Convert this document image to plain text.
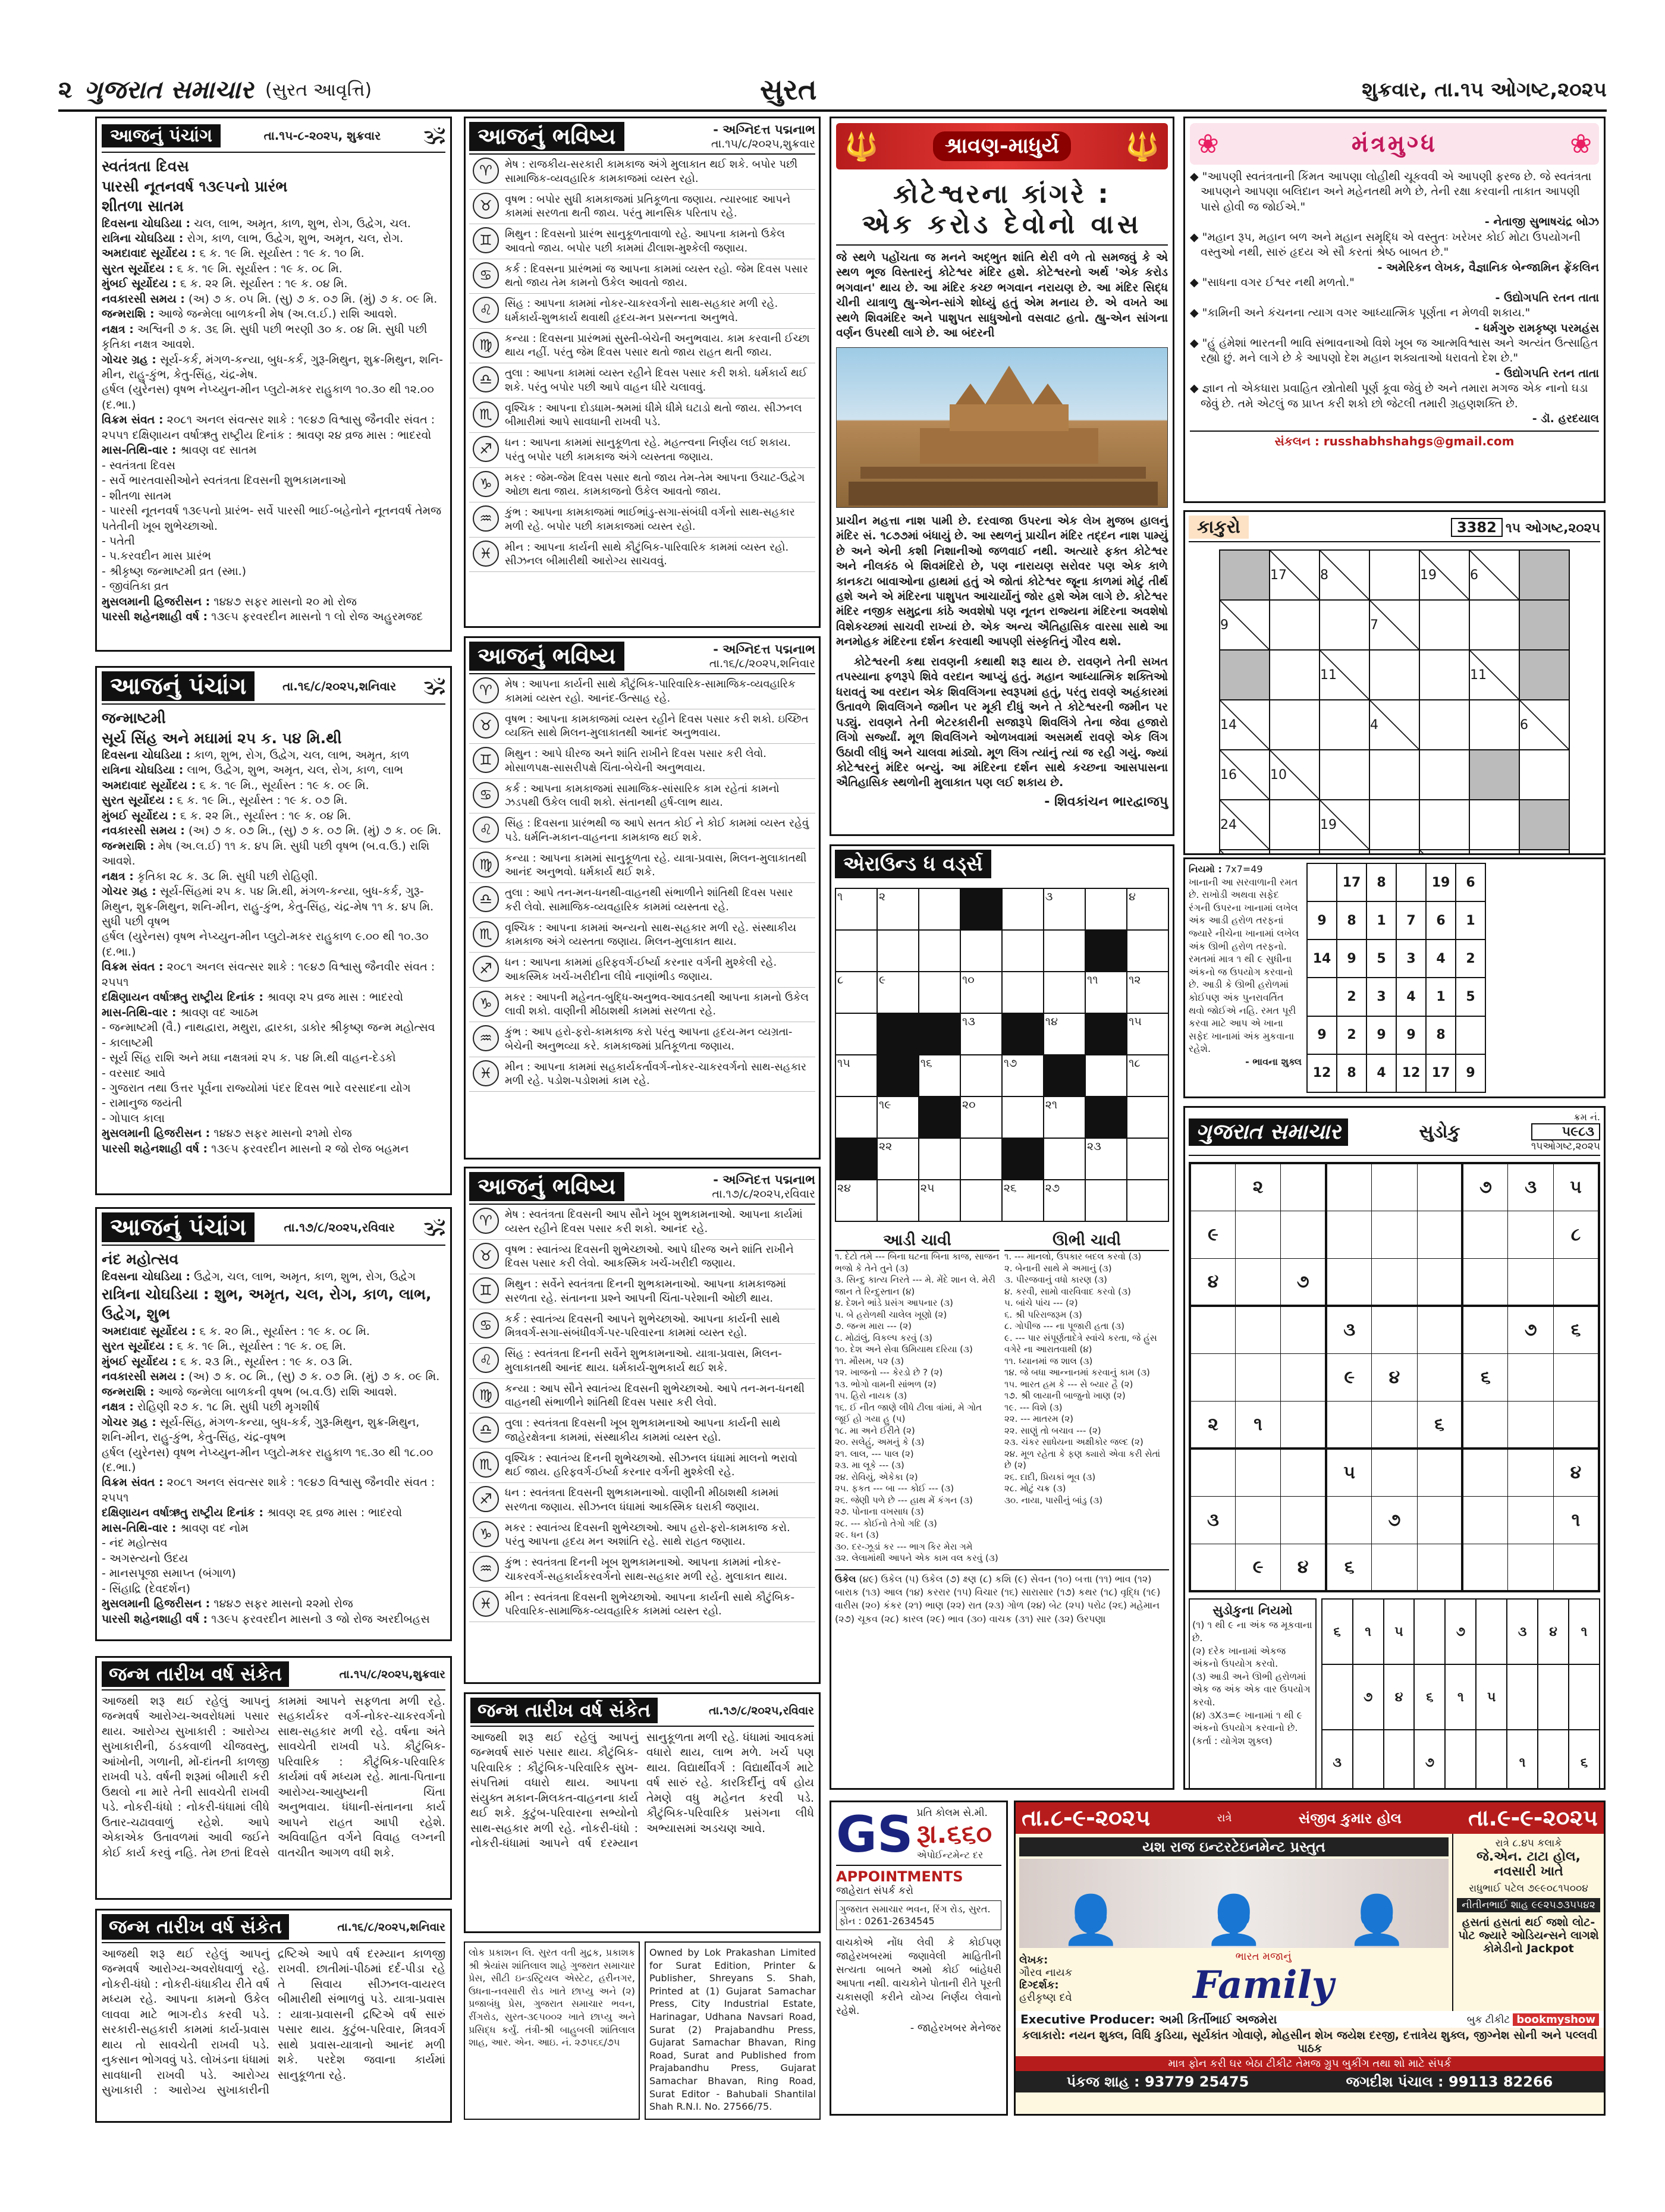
૨ ગુજરાત સમાચાર (સુરત આવૃત્તિ)	સુરત	શુક્રવાર, તા.૧૫ ઓગષ્ટ,૨૦૨૫
આજનું પંચાંગ	તા.૧૫-૮-૨૦૨૫, શુક્રવાર 🕉
સ્વતંત્રતા દિવસ
પારસી નૂતનવર્ષ ૧૩૯૫નો પ્રારંભ
શીતળા સાતમ
દિવસના ચોઘડિયા : ચલ, લાભ, અમૃત, કાળ, શુભ, રોગ, ઉદ્વેગ, ચલ.
રાત્રિના ચોઘડિયા : રોગ, કાળ, લાભ, ઉદ્વેગ, શુભ, અમૃત, ચલ, રોગ.
અમદાવાદ સૂર્યોદય : ૬ ક. ૧૯ મિ. સૂર્યાસ્ત : ૧૯ ક. ૧૦ મિ.
સુરત સૂર્યોદય : ૬ ક. ૧૯ મિ. સૂર્યાસ્ત : ૧૯ ક. ૦૮ મિ.
મુંબઈ સૂર્યોદય : ૬ ક. ૨૨ મિ. સૂર્યાસ્ત : ૧૯ ક. ૦૪ મિ.
નવકારસી સમય : (અ) ૭ ક. ૦૫ મિ. (સુ) ૭ ક. ૦૭ મિ. (મું) ૭ ક. ૦૯ મિ.
જન્મરાશિ : આજે જન્મેલા બાળકની મેષ (અ.લ.ઈ.) રાશિ આવશે.
નક્ષત્ર : અશ્વિની ૭ ક. ૩૬ મિ. સુધી પછી ભરણી ૩૦ ક. ૦૪ મિ. સુધી પછી કૃતિકા નક્ષત્ર આવશે.
ગોચર ગ્રહ : સૂર્ય-કર્ક, મંગળ-કન્યા, બુધ-કર્ક, ગુરૂ-મિથુન, શુક્ર-મિથુન, શનિ-મીન, રાહુ-કુંભ, કેતુ-સિંહ, ચંદ્ર-મેષ.
હર્ષલ (યુરેનસ) વૃષભ નેપ્ચ્યુન-મીન પ્લુટો-મકર રાહુકાળ ૧૦.૩૦ થી ૧૨.૦૦ (દ.ભા.)
વિક્રમ સંવત : ૨૦૮૧ અનલ સંવત્સર શાકે : ૧૯૪૭ વિશ્વાસુ જૈનવીર સંવત : ૨૫૫૧ દક્ષિણાયન વર્ષાઋતુ રાષ્ટ્રીય દિનાંક : શ્રાવણ ૨૪ વ્રજ માસ : ભાદરવો
માસ-તિથિ-વાર : શ્રાવણ વદ સાતમ
- સ્વતંત્રતા દિવસ
- સર્વે ભારતવાસીઓને સ્વતંત્રતા દિવસની શુભકામનાઓ
- શીતળા સાતમ
- પારસી નૂતનવર્ષ ૧૩૯૫નો પ્રારંભ- સર્વે પારસી ભાઈ-બહેનોને નૂતનવર્ષ તેમજ પતેતીની ખૂબ શુભેચ્છાઓ.
- પતેતી
- પ.કરવદીન માસ પ્રારંભ
- શ્રીકૃષ્ણ જન્માષ્ટમી વ્રત (સ્મા.)
- જીવંતિકા વ્રત
મુસલમાની હિજરીસન : ૧૪૪૭ સફર માસનો ૨૦ મો રોજ
પારસી શહેનશાહી વર્ષ : ૧૩૯૫ ફરવરદીન માસનો ૧ લો રોજ અહુરમજદ
આજનું પંચાંગ	તા.૧૬/૮/૨૦૨૫,શનિવાર 🕉
જન્માષ્ટમી
સૂર્ય સિંહ અને મઘામાં ૨૫ ક. ૫૪ મિ.થી
દિવસના ચોઘડિયા : કાળ, શુભ, રોગ, ઉદ્વેગ, ચલ, લાભ, અમૃત, કાળ
રાત્રિના ચોઘડિયા : લાભ, ઉદ્વેગ, શુભ, અમૃત, ચલ, રોગ, કાળ, લાભ
અમદાવાદ સૂર્યોદય : ૬ ક. ૧૯ મિ., સૂર્યાસ્ત : ૧૯ ક. ૦૯ મિ.
સુરત સૂર્યોદય : ૬ ક. ૧૯ મિ., સૂર્યાસ્ત : ૧૯ ક. ૦૭ મિ.
મુંબઈ સૂર્યોદય : ૬ ક. ૨૨ મિ., સૂર્યાસ્ત : ૧૯ ક. ૦૪ મિ.
નવકારસી સમય : (અ) ૭ ક. ૦૭ મિ., (સુ) ૭ ક. ૦૭ મિ. (મું) ૭ ક. ૦૯ મિ.
જન્મરાશિ : મેષ (અ.લ.ઈ) ૧૧ ક. ૪૫ મિ. સુધી પછી વૃષભ (બ.વ.ઉ.) રાશિ આવશે.
નક્ષત્ર : કૃતિકા ૨૮ ક. ૩૮ મિ. સુધી પછી રોહિણી.
ગોચર ગ્રહ : સૂર્ય-સિંહમાં ૨૫ ક. ૫૪ મિ.થી, મંગળ-કન્યા, બુધ-કર્ક, ગુરૂ-મિથુન, શુક્ર-મિથુન, શનિ-મીન, રાહુ-કુંભ, કેતુ-સિંહ, ચંદ્ર-મેષ ૧૧ ક. ૪૫ મિ. સુધી પછી વૃષભ
હર્ષલ (યુરેનસ) વૃષભ નેપ્ચ્યુન-મીન પ્લુટો-મકર રાહુકાળ ૯.૦૦ થી ૧૦.૩૦ (દ.ભા.)
વિક્રમ સંવત : ૨૦૮૧ અનલ સંવત્સર શાકે : ૧૯૪૭ વિશ્વાસુ જૈનવીર સંવત : ૨૫૫૧
દક્ષિણાયન વર્ષાઋતુ રાષ્ટ્રીય દિનાંક : શ્રાવણ ૨૫ વ્રજ માસ : ભાદરવો
માસ-તિથિ-વાર : શ્રાવણ વદ આઠમ
- જન્માષ્ટમી (વૈ.) નાથદ્વારા, મથુરા, દ્વારકા, ડાકોર શ્રીકૃષ્ણ જન્મ મહોત્સવ
- કાલાષ્ટમી
- સૂર્ય સિંહ રાશિ અને મઘા નક્ષત્રમાં ૨૫ ક. ૫૪ મિ.થી વાહન-દેડકો
- વરસાદ આવે
- ગુજરાત તથા ઉત્તર પૂર્વના રાજ્યોમાં પંદર દિવસ ભારે વરસાદના યોગ
- રામાનુજ જયંતી
- ગોપાલ કાલા
મુસલમાની હિજરીસન : ૧૪૪૭ સફર માસનો ૨૧મો રોજ
પારસી શહેનશાહી વર્ષ : ૧૩૯૫ ફરવરદીન માસનો ૨ જો રોજ બહમન
આજનું પંચાંગ	તા.૧૭/૮/૨૦૨૫,રવિવાર 🕉
નંદ મહોત્સવ
દિવસના ચોઘડિયા : ઉદ્વેગ, ચલ, લાભ, અમૃત, કાળ, શુભ, રોગ, ઉદ્વેગ
રાત્રિના ચોઘડિયા : શુભ, અમૃત, ચલ, રોગ, કાળ, લાભ, ઉદ્વેગ, શુભ
અમદાવાદ સૂર્યોદય : ૬ ક. ૨૦ મિ., સૂર્યાસ્ત : ૧૯ ક. ૦૮ મિ.
સુરત સૂર્યોદય : ૬ ક. ૧૯ મિ., સૂર્યાસ્ત : ૧૯ ક. ૦૬ મિ.
મુંબઈ સૂર્યોદય : ૬ ક. ૨૩ મિ., સૂર્યાસ્ત : ૧૯ ક. ૦૩ મિ.
નવકારસી સમય : (અ) ૭ ક. ૦૮ મિ., (સુ) ૭ ક. ૦૭ મિ. (મું) ૭ ક. ૦૯ મિ.
જન્મરાશિ : આજે જન્મેલા બાળકની વૃષભ (બ.વ.ઉ) રાશિ આવશે.
નક્ષત્ર : રોહિણી ૨૭ ક. ૧૮ મિ. સુધી પછી મૃગશીર્ષ
ગોચર ગ્રહ : સૂર્ય-સિંહ, મંગળ-કન્યા, બુધ-કર્ક, ગુરૂ-મિથુન, શુક્ર-મિથુન, શનિ-મીન, રાહુ-કુંભ, કેતુ-સિંહ, ચંદ્ર-વૃષભ
હર્ષલ (યુરેનસ) વૃષભ નેપ્ચ્યુન-મીન પ્લુટો-મકર રાહુકાળ ૧૬.૩૦ થી ૧૮.૦૦ (દ.ભા.)
વિક્રમ સંવત : ૨૦૮૧ અનલ સંવત્સર શાકે : ૧૯૪૭ વિશ્વાસુ જૈનવીર સંવત : ૨૫૫૧
દક્ષિણાયન વર્ષાઋતુ રાષ્ટ્રીય દિનાંક : શ્રાવણ ૨૬ વ્રજ માસ : ભાદરવો
માસ-તિથિ-વાર : શ્રાવણ વદ નોમ
- નંદ મહોત્સવ
- અગસ્ત્યનો ઉદય
- માનસપૂજા સમાપ્ત (બંગાળ)
- સિંહાદ્રિ (દેવદર્શન)
મુસલમાની હિજરીસન : ૧૪૪૭ સફર માસનો ૨૨મો રોજ
પારસી શહેનશાહી વર્ષ : ૧૩૯૫ ફરવરદીન માસનો ૩ જો રોજ અરદીબહસ
જન્મ તારીખ વર્ષ સંકેત	તા.૧૫/૮/૨૦૨૫,શુક્રવાર
આજથી શરૂ થઈ રહેલું આપનું જન્મવર્ષ આરોગ્ય-અવરોધમાં પસાર થાય. આરોગ્ય સુખાકારી : આરોગ્ય સુખાકારીની, ઠંડકવાળી ચીજવસ્તુ, આંખોની, ગળાની, મોં-દાંતની કાળજી રાખવી પડે. વર્ષની શરૂમાં બીમારી કરી ઉથલો ના મારે તેની સાવચેતી રાખવી પડે. નોકરી-ધંધો : નોકરી-ધંધામાં લીધે ઉતાર-ચઢાવવાળું રહેશે. આપે એકાએક ઉતાવળમાં આવી જઈને કોઈ કાર્ય કરવું નહિ. તેમ છતાં દિવસે કામમાં આપને સફળતા મળી રહે. સહકાર્યકર વર્ગ-નોકર-ચાકરવર્ગનો સાથ-સહકાર મળી રહે. વર્ષના અંતે સાવચેતી રાખવી પડે. કૌટુંબિક-પરિવારિક : કૌટુંબિક-પરિવારિક કાર્યમાં વર્ષ મધ્યમ રહે. માતા-પિતાના આરોગ્ય-આયુષ્યની ચિંતા અનુભવાય. ધંધાની-સંતાનના કાર્ય આપને રાહત આપી રહેશે. અવિવાહિત વર્ગને વિવાહ લગ્નની વાતચીત આગળ વધી શકે.
જન્મ તારીખ વર્ષ સંકેત	તા.૧૬/૮/૨૦૨૫,શનિવાર
આજથી શરૂ થઈ રહેલું આપનું જન્મવર્ષ આરોગ્ય-અવરોધવાળું રહે. નોકરી-ધંધો : નોકરી-ધંધાકીય રીતે વર્ષ મધ્યમ રહે. આપના કામનો ઉકેલ લાવવા માટે ભાગ-દોડ કરવી પડે. સરકારી-સહકારી કામમાં કાર્ય-પ્રવાસ થાય તો સાવચેતી રાખવી પડે. નુકસાન ભોગવવું પડે. લોખંડના ધંધામાં સાવધાની રાખવી પડે. આરોગ્ય સુખાકારી : આરોગ્ય સુખાકારીની દ્રષ્ટિએ આપે વર્ષ દરમ્યાન કાળજી રાખવી. છાતીમાં-પીઠમાં દર્દ-પીડા રહે તે સિવાય સીઝનલ-વાયરલ બીમારીથી સંભાળવું પડે. યાત્રા-પ્રવાસ : યાત્રા-પ્રવાસની દ્રષ્ટિએ વર્ષ સારું પસાર થાય. કુટુંબ-પરિવાર, મિત્રવર્ગ સાથે પ્રવાસ-યાત્રાનો આનંદ મળી શકે. પરદેશ જવાના કાર્યમાં સાનુકૂળતા રહે.
આજનું ભવિષ્ય	- અગ્નિદત્ત પદ્મનાભ
તા.૧૫/૮/૨૦૨૫,શુક્રવાર
♈	મેષ : રાજકીય-સરકારી કામકાજ અંગે મુલાકાત થઈ શકે. બપોર પછી સામાજિક-વ્યવહારિક કામકાજમાં વ્યસ્ત રહો.
♉	વૃષભ : બપોર સુધી કામકાજમાં પ્રતિકૂળતા જણાય. ત્યારબાદ આપને કામમાં સરળતા થતી જાય. પરંતુ માનસિક પરિતાપ રહે.
♊	મિથુન : દિવસનો પ્રારંભ સાનુકૂળતાવાળો રહે. આપના કામનો ઉકેલ આવતો જાય. બપોર પછી કામમાં ઢીલાશ-મુશ્કેલી જણાય.
♋	કર્ક : દિવસના પ્રારંભમાં જ આપના કામમાં વ્યસ્ત રહો. જેમ દિવસ પસાર થતો જાય તેમ કામનો ઉકેલ આવતો જાય.
♌	સિંહ : આપના કામમાં નોકર-ચાકરવર્ગનો સાથ-સહકાર મળી રહે. ધર્મકાર્ય-શુભકાર્ય થવાથી હૃદય-મન પ્રસન્નતા અનુભવે.
♍	કન્યા : દિવસના પ્રારંભમાં સુસ્તી-બેચેની અનુભવાય. કામ કરવાની ઈચ્છા થાય નહીં. પરંતુ જેમ દિવસ પસાર થતો જાય રાહત થતી જાય.
♎	તુલા : આપના કામમાં વ્યસ્ત રહીને દિવસ પસાર કરી શકો. ધર્મકાર્ય થઈ શકે. પરંતુ બપોર પછી આપે વાહન ધીરે ચલાવવું.
♏	વૃશ્ચિક : આપના દોડધામ-શ્રમમાં ધીમે ધીમે ઘટાડો થતો જાય. સીઝનલ બીમારીમાં આપે સાવધાની રાખવી પડે.
♐	ધન : આપના કામમાં સાનુકૂળતા રહે. મહત્ત્વના નિર્ણય લઈ શકાય. પરંતુ બપોર પછી કામકાજ અંગે વ્યસ્તતા જણાય.
♑	મકર : જેમ-જેમ દિવસ પસાર થતો જાય તેમ-તેમ આપના ઉચાટ-ઉદ્વેગ ઓછા થતા જાય. કામકાજનો ઉકેલ આવતો જાય.
♒	કુંભ : આપના કામકાજમાં ભાઈભાંડુ-સગા-સંબંધી વર્ગનો સાથ-સહકાર મળી રહે. બપોર પછી કામકાજમાં વ્યસ્ત રહો.
♓	મીન : આપના કાર્યની સાથે કૌટુંબિક-પારિવારિક કામમાં વ્યસ્ત રહો. સીઝનલ બીમારીથી આરોગ્ય સાચવવું.
આજનું ભવિષ્ય	- અગ્નિદત્ત પદ્મનાભ
તા.૧૬/૮/૨૦૨૫,શનિવાર
♈	મેષ : આપના કાર્યની સાથે કૌટુંબિક-પારિવારિક-સામાજિક-વ્યવહારિક કામમાં વ્યસ્ત રહો. આનંદ-ઉત્સાહ રહે.
♉	વૃષભ : આપના કામકાજમાં વ્યસ્ત રહીને દિવસ પસાર કરી શકો. ઇચ્છિત વ્યક્તિ સાથે મિલન-મુલાકાતથી આનંદ અનુભવાય.
♊	મિથુન : આપે ધીરજ અને શાંતિ રાખીને દિવસ પસાર કરી લેવો. મોસાળપક્ષ-સાસરીપક્ષે ચિંતા-બેચેની અનુભવાય.
♋	કર્ક : આપના કામકાજમાં સામાજિક-સાંસારિક કામ રહેતાં કામનો ઝડપથી ઉકેલ લાવી શકો. સંતાનથી હર્ષ-લાભ થાય.
♌	સિંહ : દિવસના પ્રારંભથી જ આપે સતત કોઈ ને કોઈ કામમાં વ્યસ્ત રહેવું પડે. ધર્મનિ-મકાન-વાહનના કામકાજ થઈ શકે.
♍	કન્યા : આપના કામમાં સાનુકૂળતા રહે. યાત્રા-પ્રવાસ, મિલન-મુલાકાતથી આનંદ અનુભવો. ધર્મકાર્ય થઈ શકે.
♎	તુલા : આપે તન-મન-ધનથી-વાહનથી સંભાળીને શાંતિથી દિવસ પસાર કરી લેવો. સામાજિક-વ્યવહારિક કામમાં વ્યસ્તતા રહે.
♏	વૃશ્ચિક : આપના કામમાં અન્યનો સાથ-સહકાર મળી રહે. સંસ્થાકીય કામકાજ અંગે વ્યસ્તતા જણાય. મિલન-મુલાકાત થાય.
♐	ધન : આપના કામમાં હરિફવર્ગ-ઈર્ષ્યા કરનાર વર્ગની મુશ્કેલી રહે. આકસ્મિક ખર્ચ-ખરીદીના લીધે નાણાંભીડ જણાય.
♑	મકર : આપની મહેનત-બુદ્ધિ-અનુભવ-આવડતથી આપના કામનો ઉકેલ લાવી શકો. વાણીની મીઠાશથી કામમાં સરળતા રહે.
♒	કુંભ : આપ હરો-ફરો-કામકાજ કરો પરંતુ આપના હૃદય-મન વ્યગ્રતા-બેચેની અનુભવ્યા કરે. કામકાજમાં પ્રતિકૂળતા જણાય.
♓	મીન : આપના કામમાં સહકાર્યકર્તાવર્ગ-નોકર-ચાકરવર્ગનો સાથ-સહકાર મળી રહે. પડોશ-પડોશમાં કામ રહે.
આજનું ભવિષ્ય	- અગ્નિદત્ત પદ્મનાભ
તા.૧૭/૮/૨૦૨૫,રવિવાર
♈	મેષ : સ્વતંત્રતા દિવસની આપ સૌને ખૂબ શુભકામનાઓ. આપના કાર્યમાં વ્યસ્ત રહીને દિવસ પસાર કરી શકો. આનંદ રહે.
♉	વૃષભ : સ્વાતંત્ર્ય દિવસની શુભેચ્છાઓ. આપે ધીરજ અને શાંતિ રાખીને દિવસ પસાર કરી લેવો. આકસ્મિક ખર્ચ-ખરીદી જણાય.
♊	મિથુન : સર્વેને સ્વતંત્રતા દિનની શુભકામનાઓ. આપના કામકાજમાં સરળતા રહે. સંતાનના પ્રશ્ને આપની ચિંતા-પરેશાની ઓછી થાય.
♋	કર્ક : સ્વાતંત્ર્ય દિવસની આપને શુભેચ્છાઓ. આપના કાર્યની સાથે મિત્રવર્ગ-સગા-સંબંધીવર્ગ-પર-પરિવારના કામમાં વ્યસ્ત રહો.
♌	સિંહ : સ્વતંત્રતા દિનની સર્વેને શુભકામનાઓ. યાત્રા-પ્રવાસ, મિલન-મુલાકાતથી આનંદ થાય. ધર્મકાર્ય-શુભકાર્ય થઈ શકે.
♍	કન્યા : આપ સૌને સ્વાતંત્ર્ય દિવસની શુભેચ્છાઓ. આપે તન-મન-ધનથી વાહનથી સંભાળીને શાંતિથી દિવસ પસાર કરી લેવો.
♎	તુલા : સ્વતંત્રતા દિવસની ખૂબ શુભકામનાઓ આપના કાર્યની સાથે જાહેરક્ષેત્રના કામમાં, સંસ્થાકીય કામમાં વ્યસ્ત રહો.
♏	વૃશ્ચિક : સ્વાતંત્ર્ય દિનની શુભેચ્છાઓ. સીઝનલ ધંધામાં માલનો ભરાવો થઈ જાય. હરિફવર્ગ-ઈર્ષ્યા કરનાર વર્ગની મુશ્કેલી રહે.
♐	ધન : સ્વતંત્રતા દિવસની શુભકામનાઓ. વાણીની મીઠાશથી કામમાં સરળતા જણાય. સીઝનલ ધંધામાં આકસ્મિક ઘરાકી જણાય.
♑	મકર : સ્વાતંત્ર્ય દિવસની શુભેચ્છાઓ. આપ હરો-ફરો-કામકાજ કરો. પરંતુ આપના હૃદય મન અશાંતિ રહે. સાથે રાહત જણાય.
♒	કુંભ : સ્વતંત્રતા દિનની ખૂબ શુભકામનાઓ. આપના કામમાં નોકર-ચાકરવર્ગ-સહકાર્યકરવર્ગનો સાથ-સહકાર મળી રહે. મુલાકાત થાય.
♓	મીન : સ્વતંત્રતા દિવસની શુભેચ્છાઓ. આપના કાર્યની સાથે કૌટુંબિક-પરિવારિક-સામાજિક-વ્યવહારિક કામમાં વ્યસ્ત રહો.
જન્મ તારીખ વર્ષ સંકેત	તા.૧૭/૮/૨૦૨૫,રવિવાર
આજથી શરૂ થઈ રહેલું આપનું જન્મવર્ષ સારું પસાર થાય. કૌટુંબિક-પરિવારિક : કૌટુંબિક-પરિવારિક સુખ-સંપત્તિમાં વધારો થાય. આપના સંયુક્ત મકાન-મિલકત-વાહનના કાર્ય થઈ શકે. કુટુંબ-પરિવારના સભ્યોનો સાથ-સહકાર મળી રહે. નોકરી-ધંધો : નોકરી-ધંધામાં આપને વર્ષ દરમ્યાન સાનુકૂળતા મળી રહે. ધંધામાં આવકમાં વધારો થાય, લાભ મળે. ખર્ચ પણ થાય. વિદ્યાર્થીવર્ગ : વિદ્યાર્થીવર્ગ માટે વર્ષ સારું રહે. કારકિર્દીનું વર્ષ હોય તેમણે વધુ મહેનત કરવી પડે. કૌટુંબિક-પરિવારિક પ્રસંગના લીધે અભ્યાસમાં અડચણ આવે.
લોક પ્રકાશન લિ. સુરત વતી મુદ્રક, પ્રકાશક શ્રી શ્રેયાંસ શાંતિલાલ શાહે ગુજરાત સમાચાર પ્રેસ, સીટી ઇન્ડસ્ટ્રિયલ એસ્ટેટ, હરીનગર, ઉધના-નવસારી રોડ ખાતે છાપ્યુ અને (૨) પ્રજાબંધુ પ્રેસ, ગુજરાત સમાચાર ભવન, રીંગરોડ, સુરત-૩૯૫૦૦૨ ખાતે છાપ્યુ અને પ્રસિદ્ધ કર્યું. તંત્રી-શ્રી બાહુબલી શાંતિલાલ શાહ, આર. એન. આઇ. નં. ૨૭૫૬૬/૭૫
Owned by Lok Prakashan Limited for Surat Edition, Printer & Publisher, Shreyans S. Shah, Printed at (1) Gujarat Samachar Press, City Industrial Estate, Harinagar, Udhana Navsari Road, Surat (2) Prajabandhu Press, Gujarat Samachar Bhavan, Ring Road, Surat and Published from Prajabandhu Press, Gujarat Samachar Bhavan, Ring Road, Surat Editor - Bahubali Shantilal Shah R.N.I. No. 27566/75.
🔱	શ્રાવણ-માધુર્ય	🔱
કોટેશ્વરના કાંગરે :
એક કરોડ દેવોનો વાસ
જે સ્થળે પહોંચતા જ મનને અદ્ભુત શાંતિ થેરી વળે તો સમજવું કે એ સ્થળ ભૂજ વિસ્તારનું કોટેશ્વર મંદિર હશે. કોટેશ્વરનો અર્થ 'એક કરોડ ભગવાન' થાય છે. આ મંદિર કચ્છ ભગવાન નરાયણ છે. આ મંદિર સિદ્ધ ચીની યાત્રાળુ હ્યુ-એન-સાંગે શોધ્યું હતું એમ મનાય છે. એ વખતે આ સ્થળે શિવમંદિર અને પાશુપત સાધુઓનો વસવાટ હતો. હ્યુ-એન સાંગના વર્ણન ઉપરથી લાગે છે. આ બંદરની
પ્રાચીન મહત્તા નાશ પામી છે. દરવાજા ઉપરના એક લેખ મુજબ હાલનું મંદિર સં. ૧૮૭૭માં બંધાયું છે. આ સ્થળનું પ્રાચીન મંદિર તદ્દન નાશ પામ્યું છે અને એની કશી નિશાનીઓ જળવાઈ નથી. અત્યારે ફક્ત કોટેશ્વર અને નીલકંઠ બે શિવમંદિરો છે, પણ નારાયણ સરોવર પણ એક કાળે કાનકટા બાવાઓના હાથમાં હતું એ જોતાં કોટેશ્વર જૂના કાળમાં મોટું તીર્થ હશે અને એ મંદિરના પાશુપત આચાર્યોનું જોર હશે એમ લાગે છે. કોટેશ્વર મંદિર નજીક સમુદ્રના કાંઠે અવશેષો પણ નૂતન રાજ્યના મંદિરના અવશેષો વિશેકચ્છમાં સાચવી રાખ્યાં છે. એક અન્ય ઐતિહાસિક વારસા સાથે આ મનમોહક મંદિરના દર્શન કરવાથી આપણી સંસ્કૃતિનું ગૌરવ થશે.
કોટેશ્વરની કથા રાવણની કથાથી શરૂ થાય છે. રાવણને તેની સખત તપસ્યાના ફળરૂપે શિવે વરદાન આપ્યું હતું. મહાન આધ્યાત્મિક શક્તિઓ ધરાવતું આ વરદાન એક શિવલિંગના સ્વરૂપમાં હતું, પરંતુ રાવણે અહંકારમાં ઉતાવળે શિવલિંગને જમીન પર મૂકી દીધું અને તે કોટેશ્વરની જમીન પર પડ્યું. રાવણને તેની ભેટરકારીની સજારૂપે શિવલિંગે તેના જેવા હજારો લિંગો સર્જ્યાં. મૂળ શિવલિંગને ઓળખવામાં અસમર્થ રાવણે એક લિંગ ઉઠાવી લીધું અને ચાલવા માંડ્યો. મૂળ લિંગ ત્યાંનું ત્યાં જ રહી ગયું. જ્યાં કોટેશ્વરનું મંદિર બન્યું. આ મંદિરના દર્શન સાથે કચ્છના આસપાસના ઐતિહાસિક સ્થળોની મુલાકાત પણ લઈ શકાય છે.
- શિવકાંચન ભારદ્વાજપુ
❀	મંત્રમુગ્ધ	❀
◆ "આપણી સ્વતંત્રતાની કિંમત આપણા લોહીથી ચૂકવવી એ આપણી ફરજ છે. જે સ્વતંત્રતા આપણને આપણા બલિદાન અને મહેનતથી મળે છે, તેની રક્ષા કરવાની તાકાત આપણી પાસે હોવી જ જોઈએ."
- નેતાજી સુભાષચંદ્ર બોઝ
◆ "મહાન રૂપ, મહાન બળ અને મહાન સમૃદ્ધિ એ વસ્તુતઃ ખરેખર કોઈ મોટા ઉપયોગની વસ્તુઓ નથી, સારું હૃદય એ સૌ કરતાં શ્રેષ્ઠ બાબત છે."
- અમેરિકન લેખક, વૈજ્ઞાનિક બેન્જામિન ફ્રેંકલિન
◆ "સાધના વગર ઈશ્વર નથી મળતો."
- ઉદ્યોગપતિ રતન તાતા
◆ "કામિની અને કંચનના ત્યાગ વગર આધ્યાત્મિક પૂર્ણતા ન મેળવી શકાય."
- ધર્મગુરુ રામકૃષ્ણ પરમહંસ
◆ "હું હંમેશાં ભારતની ભાવિ સંભાવનાઓ વિશે ખૂબ જ આત્મવિશ્વાસ અને અત્યંત ઉત્સાહિત રહ્યો છું. મને લાગે છે કે આપણો દેશ મહાન શક્યતાઓ ધરાવતો દેશ છે."
- ઉદ્યોગપતિ રતન તાતા
◆ જ્ઞાન તો એકધારા પ્રવાહિત સ્ત્રોતોથી પૂર્ણ કૂવા જેવું છે અને તમારા મગજ એક નાનો ઘડા જેવું છે. તમે એટલું જ પ્રાપ્ત કરી શકો છો જેટલી તમારી ગ્રહણશક્તિ છે.
- ડૉ. હરદયાલ
સંકલન : russhabhshahgs@gmail.com
કાકુરો	3382 ૧૫ ઓગષ્ટ,૨૦૨૫
	17	8		19	6	
9			7			
		11			11	
14			4			6
16	10					
24		19				

એરાઉન્ડ ધ વર્ડ્સ
૧	૨				૩		૪

૮	૯		૧૦			૧૧	૧૨
			૧૩		૧૪		૧૫
૧૫		૧૬		૧૭			૧૮
	૧૯		૨૦		૨૧		
	૨૨					૨૩	
૨૪		૨૫		૨૬	૨૭		
આડી ચાવી
૧. દેટો તમે --- બિના ઘટના બિના કાજ, સાજન ભજો કે તેને તુને (૩)
૩. સિન્દુ કાત્ય નિરતે --- મે. મેંદે શાન લે. મેરી જાન તે રિન્દુસ્તાન (૪)
૪. દેશને ભાંડે પ્રસંગ આપનાર (૩)
૫. બે હરોળથી ચાલેલ ખૂણો (૨)
૭. જન્મ મારા --- (૨)
૮. મોઢાંલું, વિકલ્પ કરવું (૩)
૧૦. દેશ અને સેવા ઉમિયાથ દરિયા (૩)
૧૧. મૌસમ, ૫૨ (૩)
૧૨. ખાજનો --- કેરડો છે ? (૨)
૧૩. ભોગો વામની સાંભળ (૨)
૧૫. હિરો નાયક (૩)
૧૬. ઈ નીત જાણે લીધે ટીલા ત્રાંમાં, મે ગોત જૂઈ હો ગયા હુ (૫)
૧૮. મા અને ઈરીતે (૨)
૨૦. સલેહું, અમનું કે (૩)
૨૧. લાલ, --- પાલ (૨)
૨૩. મા લૂકે --- (૩)
૨૪. રોવિયું, એકેકા (૨)
૨૫. ફકત --- બા --- કોઈ --- (૩)
૨૬. જેણી પળે છે --- હાથ મેં કંગન (૩)
૨૭. પોનાના વખસાધ (૩)
૨૮. --- કોઈનો તેગો ગદિ (૩)
૨૯. ધન (૩)
૩૦. દર-ઝૂડાં કર --- ભાગ કિર મેરા ગમે
૩૨. લેલામાંથી આપને એક કામ વલ કરવું (૩)
ઊભી ચાવી
૧. --- માનલો, ઉપકાર બદલ કરવો (૩)
૨. બેનાની સાથે મે અમાનું (૩)
૩. પીરજવાનું વધો કારણ (૩)
૪. કરવી, સામો વારવિવાદ કરવો (૩)
૫. બાંચે પાંચ --- (૨)
૬. શ્રી પરિરાજરૂમ (૩)
૮. ગોપીજ --- ના પૂજારી હતા (૩)
૯. --- પાર સંપૂર્ણતાદેત્રે સ્વાંચે કરતા, જે હુંસ વગેરે ના આરાતવાથી (૪)
૧૧. ધ્યાનમાં જ શાલ (૩)
૧૪. જે બધા આન્નાનમાં કરવાનું કામ (૩)
૧૫. ભારત હમ કે --- સે બ્યાર હૈ (૨)
૧૭. શ્રી લાયાની બાજુનો ખાણ (૨)
૧૯. --- વિશે (૩)
૨૨. --- માતરમ (૨)
૨૨. સાણું તો બચાવ --- (૨)
૨૩. ચંકર સાધેયના અક્ષીકોર જલ્દ (૨)
૨૪. મૂળ રહેતા કે ફણ ક્યારો એવા કરી સેતાં છે (૨)
૨૬. દાદી, પ્રિયકાં ભૂવ (૩)
૨૮. મોટું ચક્ર (૩)
૩૦. નાયા, પાસીનું બાંડુ (૩)
ઉકેલ (૪૯) ઉકેલ (૫) ઉકેલ (૭) ક્ષ્ણ (૮) કશિ (૯) સેવન (૧૦) બત્તા (૧૧) ભાવ (૧૨) બારાક (૧૩) આલ (૧૪) કરરાર (૧૫) વિચાર (૧૬) સારાસાર (૧૭) કથર (૧૮) વૃદ્ધિ (૧૯) વારીસ (૨૦) કંકર (૨૧) ભાણ (૨૨) રાત (૨૩) ગોળ (૨૪) બેટ (૨૫) પરોઢ (૨૬) મહેમાન (૨૭) ચૂકવ (૨૮) કારલ (૨૯) ભાવ (૩૦) વાચક (૩૧) સાર (૩૨) ઉરપણા
નિયમો : 7x7=49
ખાનાની આ સરવાળાની રમત છે. રાખોડી અથવા સફેદ રંગની ઉપરના ખાનામાં લખેલ અંક આડી હરોળ તરફનાં જ્યારે નીચેના ખાનામાં લખેલ અંક ઊભી હરોળ તરફનો. રમતમાં માત્ર ૧ થી ૯ સુધીના અંકનો જ ઉપયોગ કરવાનો છે. આડી કે ઊભી હરોળમાં કોઈપણ અંક પુનરાવર્તિત થવો જોઈએ નહિ. રમત પૂરી કરવા માટે આપ એ ખાના સફેદ ખાનામાં અંક મુકવાના રહેશે.
- ભાવના શુક્લ
	17	8		19	6
9	8	1	7	6	1
14	9	5	3	4	2
	2	3	4	1	5
9	2	9	9	8	
12	8	4	12	17	9
ગુજરાત સમાચાર	સુડોકુ
ક્રમ નં.
૫૯૮૩
૧૫ઓગષ્ટ,૨૦૨૫
	૨					૭	૩	૫
૯								૮
૪		૭						
			૩				૭	૬
			૯	૪		૬		
૨	૧				૬			
			૫					૪
૩				૭				૧
	૯	૪	૬					
સુડોકુના નિયમો
(૧) ૧ થી ૯ ના અંક જ મૂકવાના છે.
(૨) દરેક ખાનામાં એકજ અંકનો ઉપયોગ કરવો.
(૩) આડી અને ઊભી હરોળમાં એક જ અંક એક વાર ઉપયોગ કરવો.
(૪) ૩X૩=૯ ખાનામાં ૧ થી ૯ અંકનો ઉપયોગ કરવાનો છે.
(કર્તા : યોગેશ શુક્લ)
૬	૧	૫		૭		૩	૪	૧
	૭	૪	૬	૧	૫			
૩			૭			૧		૬
GS પ્રતિ કોલમ સે.મી.
રૂા.૬૬૦
એપોઈન્ટમેન્ટ દર
APPOINTMENTS
જાહેરાત સંપર્ક કરો
ગુજરાત સમાચાર ભવન, રિંગ રોડ, સુરત. ફોન : 0261-2634545
વાચકોએ નોંધ લેવી કે કોઈપણ જાહેરખબરમાં જણાવેલી માહિતીની સત્યતા બાબતે અમો કોઈ બાંહેધરી આપતા નથી. વાચકોને પોતાની રીતે પૂરતી ચકાસણી કરીને યોગ્ય નિર્ણય લેવાનો રહેશે.
- જાહેરખબર મેનેજર
તા.૮-૯-૨૦૨૫	રાત્રે	સંજીવ કુમાર હોલ	તા.૯-૯-૨૦૨૫
યશ રાજ ઇન્ટરટેઇનમેન્ટ પ્રસ્તુત
👤 👤 👤
લેખક:
ગૌરવ નાયક
દિગ્દર્શક:
હરીકૃષ્ણ દવે
ભારત મજાનું
Family
રાત્રે ૮.૪૫ કલાકે
જે.એન. ટાટા હોલ, નવસારી ખાતે
રાધુભાઈ પટેલ ૭૯૯૦૮૧૫૦૦૪
નીતીનભાઈ શાહ ૯૯૨૫૭૩૫૫૪૨
હસતાં હસતાં થઈ જશો લોટ-પોટ જ્યારે ઓડિયન્સને લાગશે કોમેડીનો Jackpot
Executive Producer: અમી કિર્તીભાઈ અજમેરા	બુક ટીકીટ bookmyshow
કલાકારો: નયન શુક્લ, વિધિ કુડિયા, સૂર્યકાંત ગોવાણે, મોહસીન શેખ જયેશ દરજી, દત્તાત્રેય શુક્લ, જીગ્નેશ સોની અને પલ્લવી પાઠક
માત્ર ફોન કરી ઘર બેઠા ટીકીટ તેમજ ગ્રુપ બુકીંગ તથા શો માટે સંપર્ક
પંકજ શાહ : 93779 25475	જગદીશ પંચાલ : 99113 82266
